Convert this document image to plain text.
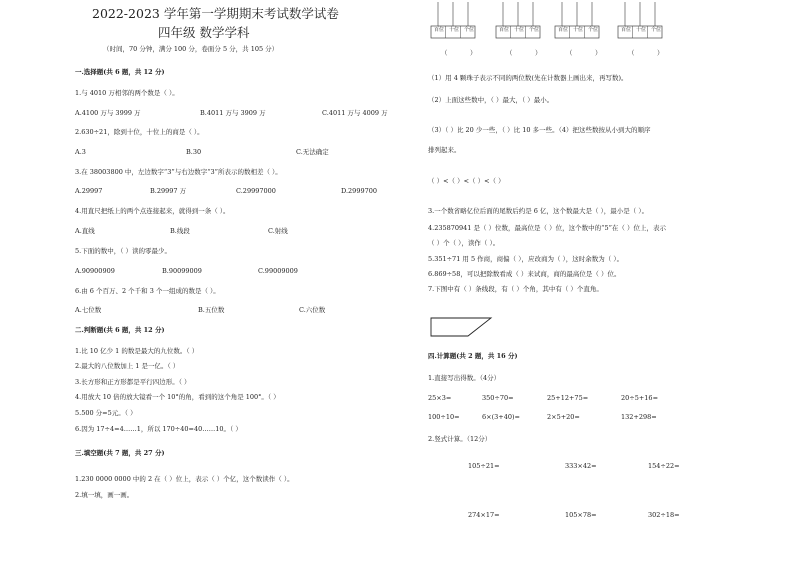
2022-2023 学年第一学期期末考试数学试卷
四年级 数学学科
（时间，70 分钟，满分 100 分，卷面分 5 分，共 105 分）
一.选择题(共 6 题，共 12 分)
1.与 4010 万相邻的两个数是（ ）。
A.4100 万与 3999 万	B.4011 万与 3909 万	C.4011 万与 4009 万
2.630÷21，除到十位，十位上的商是（ ）。
A.3	B.30	C.无法确定
3.在 38003800 中，左边数字“3”与右边数字“3”所表示的数相差（ ）。
A.29997	B.29997 万	C.29997000	D.2999700
4.用直尺把纸上的两个点连接起来，就得到一条（ ）。
A.直线	B.线段	C.射线
5.下面的数中，（ ）读的零最少。
A.90900909	B.90099009	C.99009009
6.由 6 个百万、2 个千和 3 个一组成的数是（ ）。
A.七位数	B.五位数	C.六位数
二.判断题(共 6 题，共 12 分)
1.比 10 亿少 1 的数是最大的九位数。（ ）
2.最大的八位数加上 1 是一亿。（ ）
3.长方形和正方形都是平行四边形。（ ）
4.用放大 10 倍的放大镜看一个 10°的角，看到的这个角是 100°。（ ）
5.500 分=5元。（ ）
6.因为 17÷4=4……1，所以 170÷40=40……10。（ ）
三.填空题(共 7 题，共 27 分)
1.230 0000 0000 中的 2 在（ ）位上，表示（ ）个亿，这个数读作（ ）。
2.填一填，画一画。
百位 十位 个位	百位 十位 个位	百位 十位 个位	百位 十位 个位
（	）	（	）	（	）	（	）
（1）用 4 颗珠子表示不同的两位数(先在计数器上画出来，再写数)。
（2）上面这些数中，（ ）最大，（ ）最小。
（3）（ ）比 20 少一些，（ ）比 10 多一些。（4）把这些数按从小到大的顺序
排列起来。
（ ）<（ ）<（ ）<（ ）
3.一个数省略亿位后面的尾数后约是 6 亿，这个数最大是（ ），最小是（ ）。
4.235870941 是（ ）位数，最高位是（ ）位，这个数中的“5”在（ ）位上，表示
（ ）个（ ），读作（ ）。
5.351÷71 用 5 作商，商偏（ ），应改商为（ ），这时余数为（ ）。
6.869÷58，可以把除数看成（ ）来试商，商的最高位是（ ）位。
7.下图中有（ ）条线段，有（ ）个角，其中有（ ）个直角。
四.计算题(共 2 题，共 16 分)
1.直接写出得数。（4分）
25×3=	350÷70=	25+12+75=	20÷5+16=
100÷10=	6×(3+40)=	2×5+20=	132+298=
2.竖式计算。（12分）
105÷21=	333×42=	154÷22=
274×17=	105×78=	302÷18=
